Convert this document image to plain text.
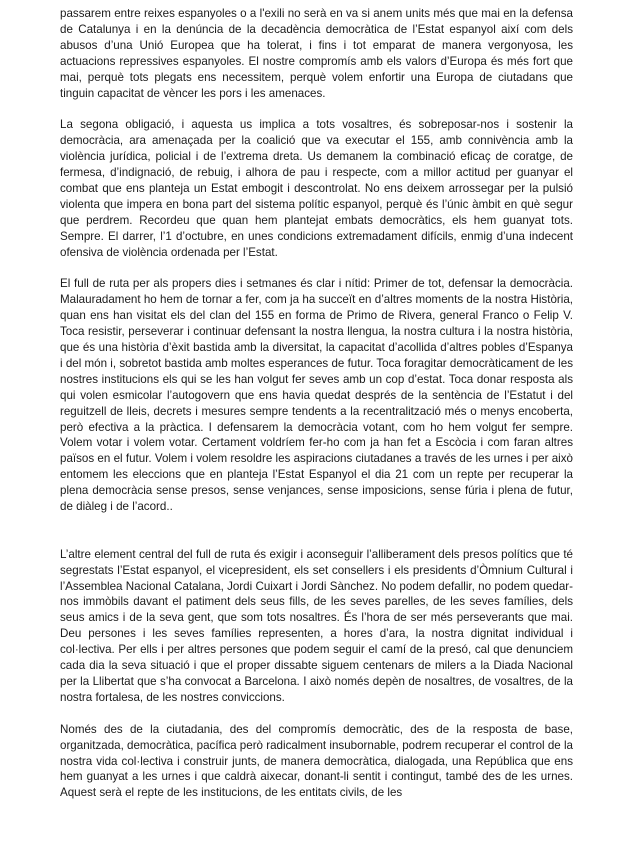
passarem entre reixes espanyoles o a l'exili no serà en va si anem units més que mai en la defensa de Catalunya i en la denúncia de la decadència democràtica de l’Estat espanyol així com dels abusos d’una Unió Europea que ha tolerat, i fins i tot emparat de manera vergonyosa, les actuacions repressives espanyoles. El nostre compromís amb els valors d’Europa és més fort que mai, perquè tots plegats ens necessitem, perquè volem enfortir una Europa de ciutadans que tinguin capacitat de vèncer les pors i les amenaces.

La segona obligació, i aquesta us implica a tots vosaltres, és sobreposar-nos i sostenir la democràcia, ara amenaçada per la coalició que va executar el 155, amb connivència amb la violència jurídica, policial i de l’extrema dreta. Us demanem la combinació eficaç de coratge, de fermesa, d’indignació, de rebuig, i alhora de pau i respecte, com a millor actitud per guanyar el combat que ens planteja un Estat embogit i descontrolat. No ens deixem arrossegar per la pulsió violenta que impera en bona part del sistema polític espanyol, perquè és l’únic àmbit en què segur que perdrem. Recordeu que quan hem plantejat embats democràtics, els hem guanyat tots. Sempre. El darrer, l’1 d’octubre, en unes condicions extremadament difícils, enmig d’una indecent ofensiva de violència ordenada per l’Estat.

El full de ruta per als propers dies i setmanes és clar i nítid: Primer de tot, defensar la democràcia. Malauradament ho hem de tornar a fer, com ja ha succeït en d’altres moments de la nostra Història, quan ens han visitat els del clan del 155 en forma de Primo de Rivera, general Franco o Felip V. Toca resistir, perseverar i continuar defensant la nostra llengua, la nostra cultura i la nostra història, que és una història d’èxit bastida amb la diversitat, la capacitat d’acollida d’altres pobles d’Espanya i del món i, sobretot bastida amb moltes esperances de futur. Toca foragitar democràticament de les nostres institucions els qui se les han volgut fer seves amb un cop d’estat. Toca donar resposta als qui volen esmicolar l’autogovern que ens havia quedat després de la sentència de l’Estatut i del reguitzell de lleis, decrets i mesures sempre tendents a la recentralització més o menys encoberta, però efectiva a la pràctica. I defensarem la democràcia votant, com ho hem volgut fer sempre. Volem votar i volem votar. Certament voldríem fer-ho com ja han fet a Escòcia i com faran altres països en el futur. Volem i volem resoldre les aspiracions ciutadanes a través de les urnes i per això entomem les eleccions que en planteja l’Estat Espanyol el dia 21 com un repte per recuperar la plena democràcia sense presos, sense venjances, sense imposicions, sense fúria i plena de futur, de diàleg i de l’acord..

L’altre element central del full de ruta és exigir i aconseguir l’alliberament dels presos polítics que té segrestats l’Estat espanyol, el vicepresident, els set consellers i els presidents d’Òmnium Cultural i l’Assemblea Nacional Catalana, Jordi Cuixart i Jordi Sànchez. No podem defallir, no podem quedar-nos immòbils davant el patiment dels seus fills, de les seves parelles, de les seves famílies, dels seus amics i de la seva gent, que som tots nosaltres. És l’hora de ser més perseverants que mai. Deu persones i les seves famílies representen, a hores d’ara, la nostra dignitat individual i col·lectiva. Per ells i per altres persones que podem seguir el camí de la presó, cal que denunciem cada dia la seva situació i que el proper dissabte siguem centenars de milers a la Diada Nacional per la Llibertat que s’ha convocat a Barcelona. I això només depèn de nosaltres, de vosaltres, de la nostra fortalesa, de les nostres conviccions.

Només des de la ciutadania, des del compromís democràtic, des de la resposta de base, organitzada, democràtica, pacífica però radicalment insubornable, podrem recuperar el control de la nostra vida col·lectiva i construir junts, de manera democràtica, dialogada, una República que ens hem guanyat a les urnes i que caldrà aixecar, donant-li sentit i contingut, també des de les urnes. Aquest serà el repte de les institucions, de les entitats civils, de les
